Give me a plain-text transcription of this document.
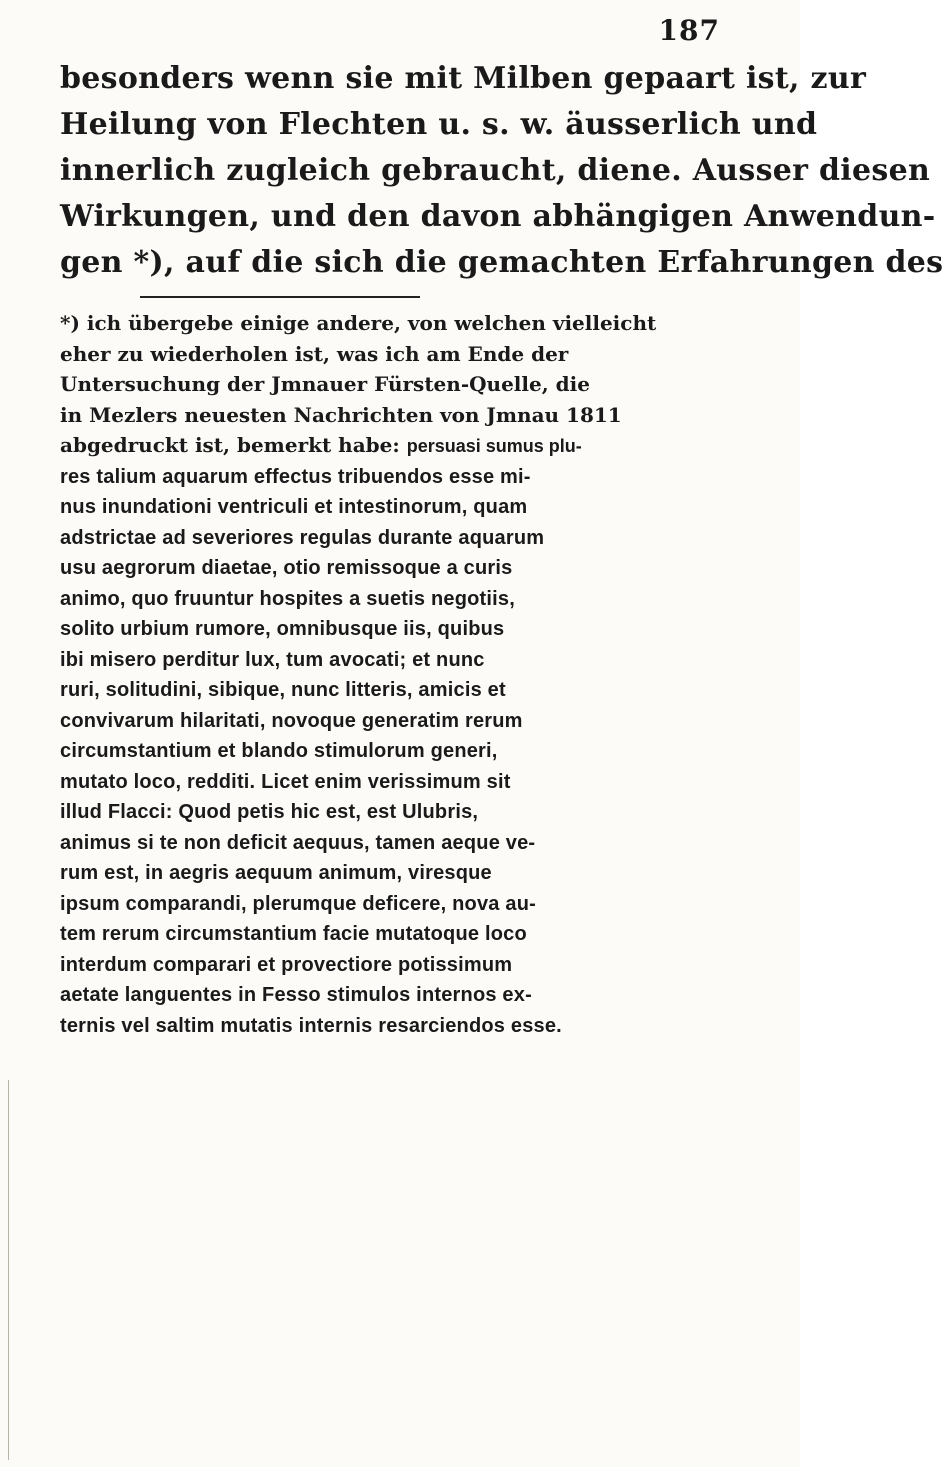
187
besonders wenn sie mit Milben gepaart ist, zur
Heilung von Flechten u. s. w. äusserlich und
innerlich zugleich gebraucht, diene. Ausser diesen
Wirkungen, und den davon abhängigen Anwendun-
gen *), auf die sich die gemachten Erfahrungen des
*) ich übergebe einige andere, von welchen vielleicht
eher zu wiederholen ist, was ich am Ende der
Untersuchung der Jmnauer Fürsten-Quelle, die
in Mezlers neuesten Nachrichten von Jmnau 1811
abgedruckt ist, bemerkt habe: persuasi sumus plu-
res talium aquarum effectus tribuendos esse mi-
nus inundationi ventriculi et intestinorum, quam
adstrictae ad severiores regulas durante aquarum
usu aegrorum diaetae, otio remissoque a curis
animo, quo fruuntur hospites a suetis negotiis,
solito urbium rumore, omnibusque iis, quibus
ibi misero perditur lux, tum avocati; et nunc
ruri, solitudini, sibique, nunc litteris, amicis et
convivarum hilaritati, novoque generatim rerum
circumstantium et blando stimulorum generi,
mutato loco, redditi. Licet enim verissimum sit
illud Flacci: Quod petis hic est, est Ulubris,
animus si te non deficit aequus, tamen aeque ve-
rum est, in aegris aequum animum, viresque
ipsum comparandi, plerumque deficere, nova au-
tem rerum circumstantium facie mutatoque loco
interdum comparari et provectiore potissimum
aetate languentes in Fesso stimulos internos ex-
ternis vel saltim mutatis internis resarciendos esse.
